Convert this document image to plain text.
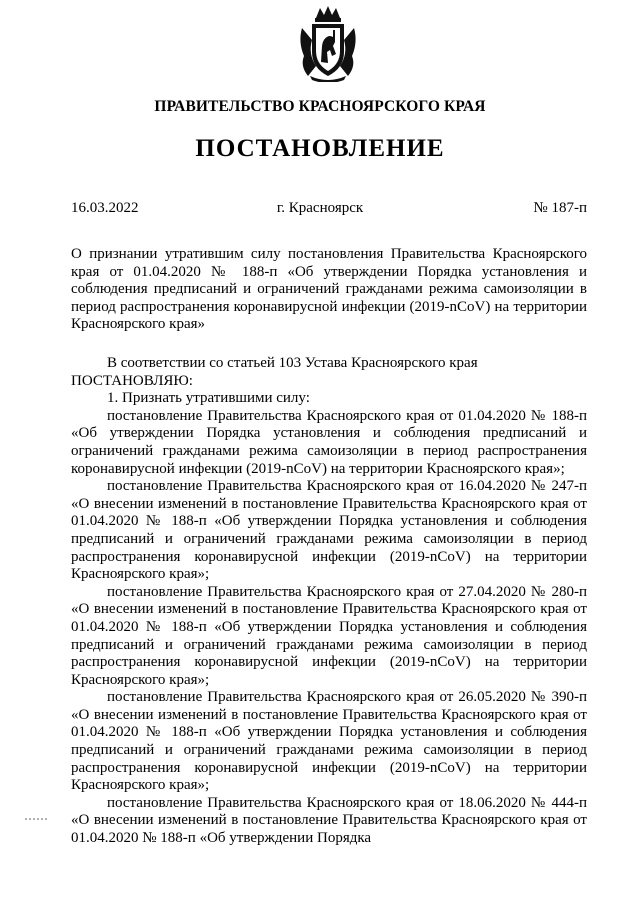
ПРАВИТЕЛЬСТВО КРАСНОЯРСКОГО КРАЯ
ПОСТАНОВЛЕНИЕ
16.03.2022	г. Красноярск	№ 187-п
О признании утратившим силу постановления Правительства Красноярского края от 01.04.2020 № 188-п «Об утверждении Порядка установления и соблюдения предписаний и ограничений гражданами режима самоизоляции в период распространения коронавирусной инфекции (2019-nCoV) на территории Красноярского края»

В соответствии со статьей 103 Устава Красноярского края

ПОСТАНОВЛЯЮ:

1. Признать утратившими силу:

постановление Правительства Красноярского края от 01.04.2020 № 188-п «Об утверждении Порядка установления и соблюдения предписаний и ограничений гражданами режима самоизоляции в период распространения коронавирусной инфекции (2019-nCoV) на территории Красноярского края»;

постановление Правительства Красноярского края от 16.04.2020 № 247-п «О внесении изменений в постановление Правительства Красноярского края от 01.04.2020 № 188-п «Об утверждении Порядка установления и соблюдения предписаний и ограничений гражданами режима самоизоляции в период распространения коронавирусной инфекции (2019-nCoV) на территории Красноярского края»;

постановление Правительства Красноярского края от 27.04.2020 № 280-п «О внесении изменений в постановление Правительства Красноярского края от 01.04.2020 № 188-п «Об утверждении Порядка установления и соблюдения предписаний и ограничений гражданами режима самоизоляции в период распространения коронавирусной инфекции (2019-nCoV) на территории Красноярского края»;

постановление Правительства Красноярского края от 26.05.2020 № 390-п «О внесении изменений в постановление Правительства Красноярского края от 01.04.2020 № 188-п «Об утверждении Порядка установления и соблюдения предписаний и ограничений гражданами режима самоизоляции в период распространения коронавирусной инфекции (2019-nCoV) на территории Красноярского края»;

постановление Правительства Красноярского края от 18.06.2020 № 444-п «О внесении изменений в постановление Правительства Красноярского края от 01.04.2020 № 188-п «Об утверждении Порядка
